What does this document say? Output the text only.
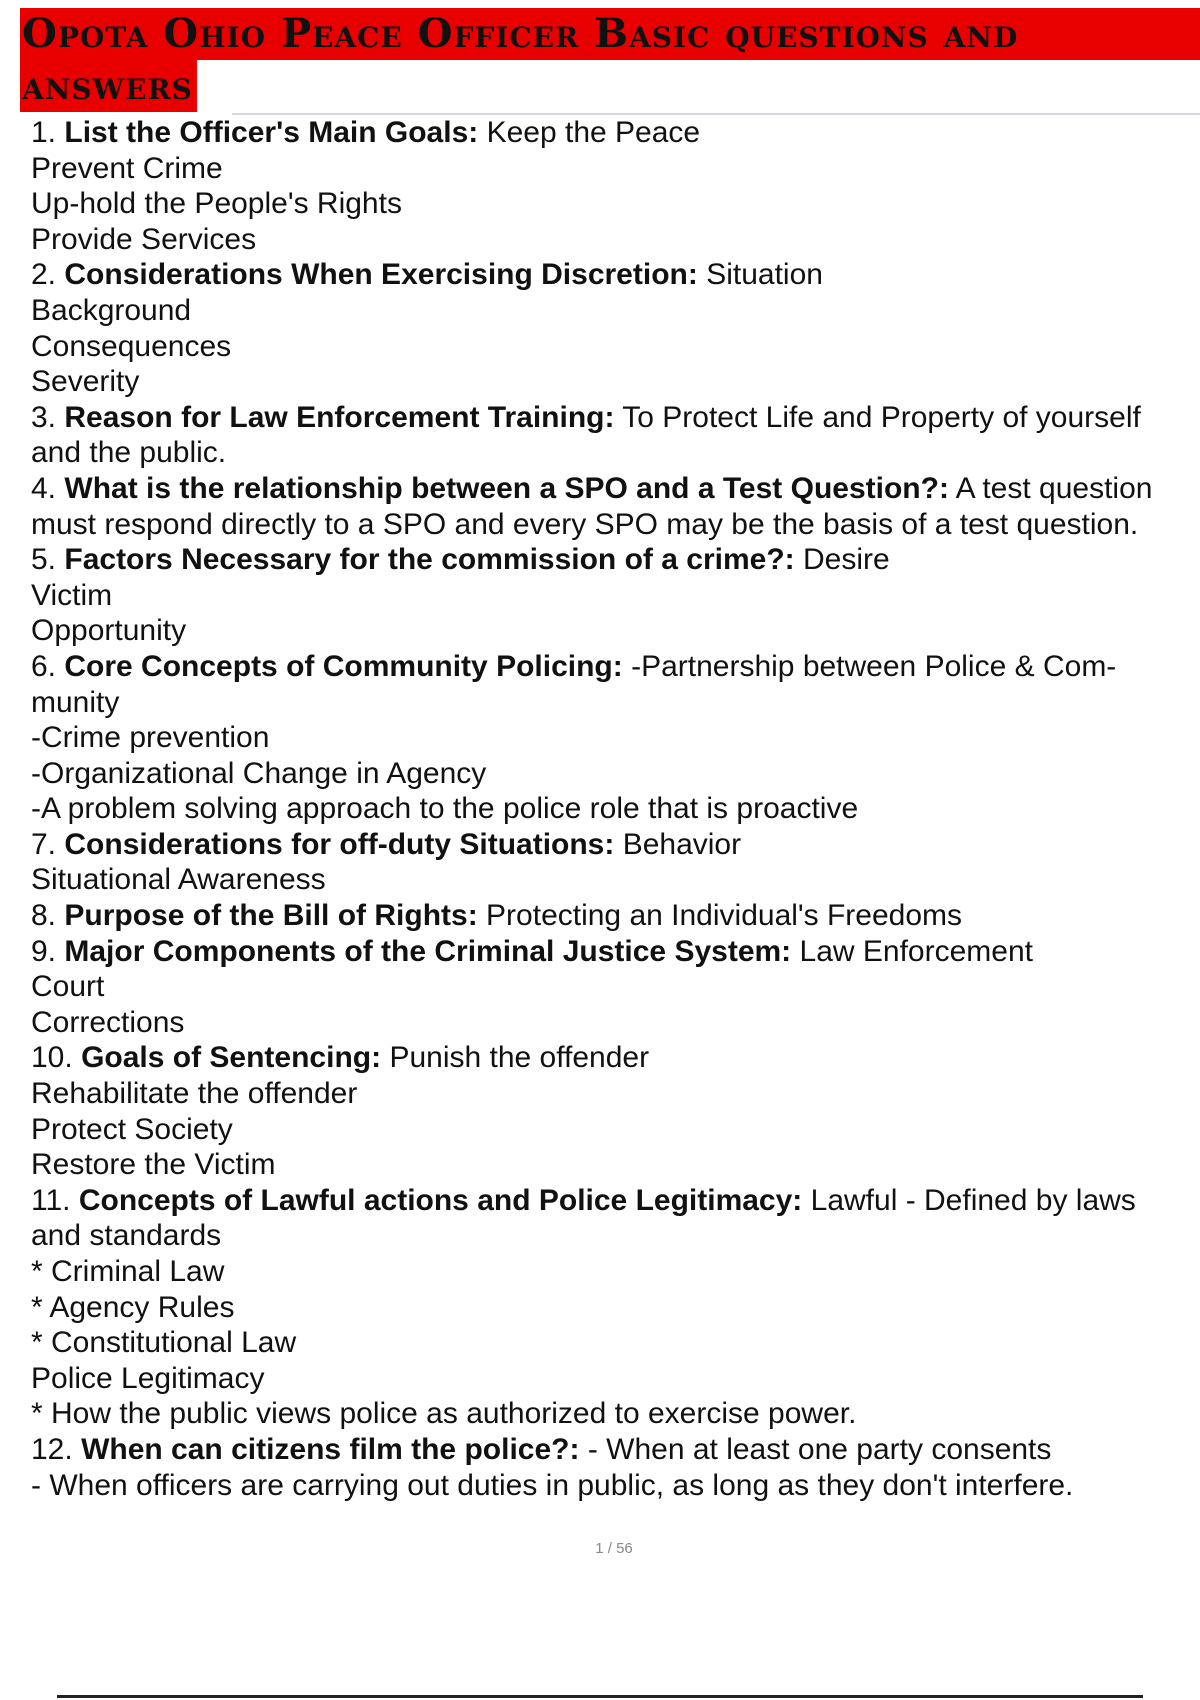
Opota Ohio Peace Officer Basic questions and
answers
1. List the Officer's Main Goals: Keep the Peace
Prevent Crime
Up-hold the People's Rights
Provide Services
2. Considerations When Exercising Discretion: Situation
Background
Consequences
Severity
3. Reason for Law Enforcement Training: To Protect Life and Property of yourself
and the public.
4. What is the relationship between a SPO and a Test Question?: A test question
must respond directly to a SPO and every SPO may be the basis of a test question.
5. Factors Necessary for the commission of a crime?: Desire
Victim
Opportunity
6. Core Concepts of Community Policing: -Partnership between Police & Com-
munity
-Crime prevention
-Organizational Change in Agency
-A problem solving approach to the police role that is proactive
7. Considerations for off-duty Situations: Behavior
Situational Awareness
8. Purpose of the Bill of Rights: Protecting an Individual's Freedoms
9. Major Components of the Criminal Justice System: Law Enforcement
Court
Corrections
10. Goals of Sentencing: Punish the offender
Rehabilitate the offender
Protect Society
Restore the Victim
11. Concepts of Lawful actions and Police Legitimacy: Lawful - Defined by laws
and standards
* Criminal Law
* Agency Rules
* Constitutional Law
Police Legitimacy
* How the public views police as authorized to exercise power.
12. When can citizens film the police?: - When at least one party consents
- When officers are carrying out duties in public, as long as they don't interfere.
1 / 56
